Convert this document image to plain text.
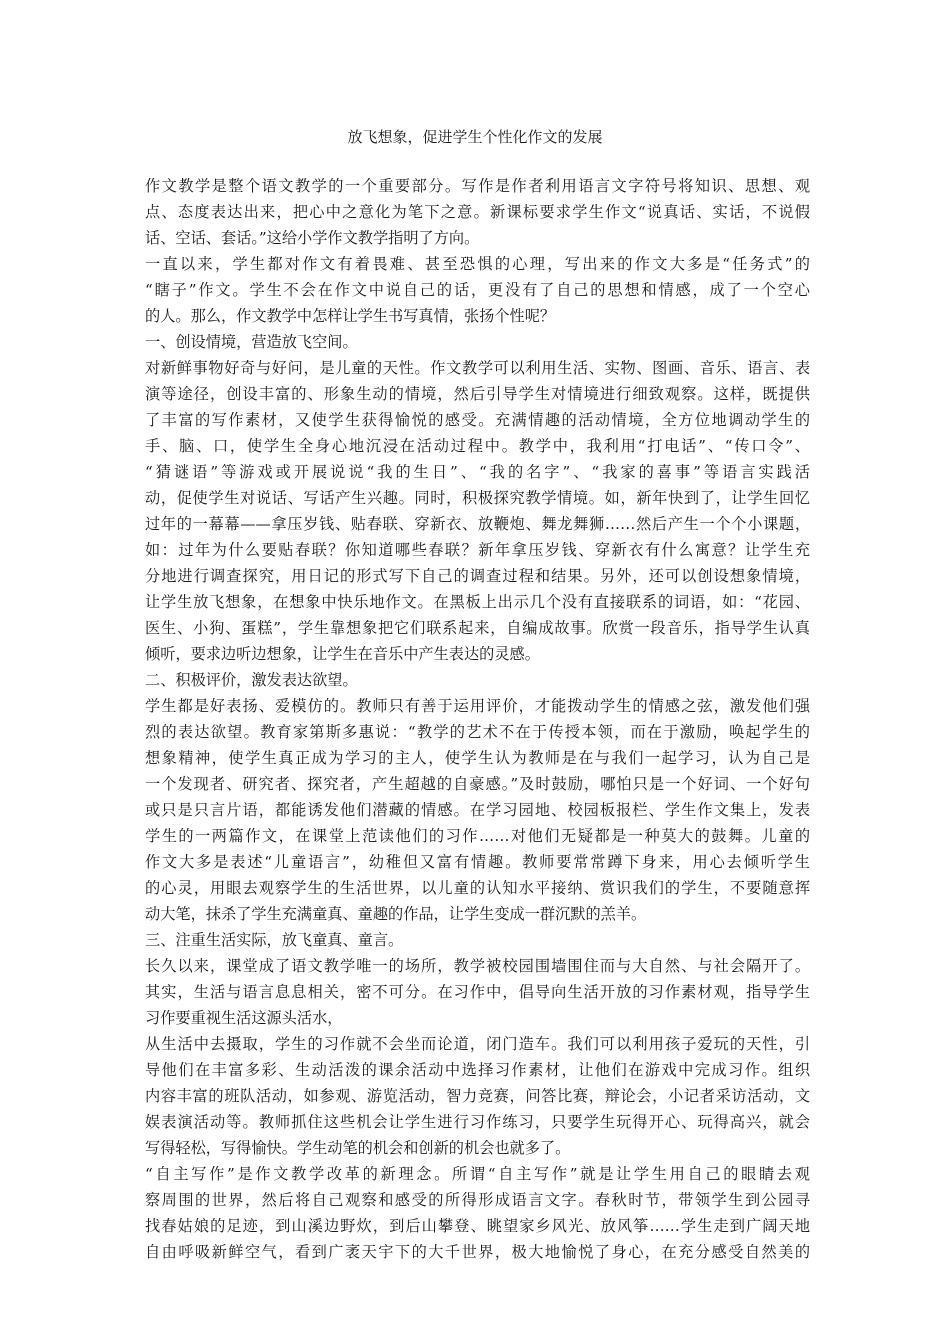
放飞想象，促进学生个性化作文的发展
作文教学是整个语文教学的一个重要部分。写作是作者利用语言文字符号将知识、思想、观
点、态度表达出来，把心中之意化为笔下之意。新课标要求学生作文“说真话、实话，不说假
话、空话、套话。”这给小学作文教学指明了方向。
一直以来，学生都对作文有着畏难、甚至恐惧的心理，写出来的作文大多是“任务式”的
“瞎子”作文。学生不会在作文中说自己的话，更没有了自己的思想和情感，成了一个空心
的人。那么，作文教学中怎样让学生书写真情，张扬个性呢？
一、创设情境，营造放飞空间。
对新鲜事物好奇与好问，是儿童的天性。作文教学可以利用生活、实物、图画、音乐、语言、表
演等途径，创设丰富的、形象生动的情境，然后引导学生对情境进行细致观察。这样，既提供
了丰富的写作素材，又使学生获得愉悦的感受。充满情趣的活动情境，全方位地调动学生的
手、脑、口，使学生全身心地沉浸在活动过程中。教学中，我利用“打电话”、“传口令”、
“猜谜语”等游戏或开展说说“我的生日”、“我的名字”、“我家的喜事”等语言实践活
动，促使学生对说话、写话产生兴趣。同时，积极探究教学情境。如，新年快到了，让学生回忆
过年的一幕幕——拿压岁钱、贴春联、穿新衣、放鞭炮、舞龙舞狮……然后产生一个个小课题，
如：过年为什么要贴春联？你知道哪些春联？新年拿压岁钱、穿新衣有什么寓意？让学生充
分地进行调查探究，用日记的形式写下自己的调查过程和结果。另外，还可以创设想象情境，
让学生放飞想象，在想象中快乐地作文。在黑板上出示几个没有直接联系的词语，如：“花园、
医生、小狗、蛋糕”，学生靠想象把它们联系起来，自编成故事。欣赏一段音乐，指导学生认真
倾听，要求边听边想象，让学生在音乐中产生表达的灵感。
二、积极评价，激发表达欲望。
学生都是好表扬、爱模仿的。教师只有善于运用评价，才能拨动学生的情感之弦，激发他们强
烈的表达欲望。教育家第斯多惠说：“教学的艺术不在于传授本领，而在于激励，唤起学生的
想象精神，使学生真正成为学习的主人，使学生认为教师是在与我们一起学习，认为自己是
一个发现者、研究者、探究者，产生超越的自豪感。”及时鼓励，哪怕只是一个好词、一个好句
或只是只言片语，都能诱发他们潜藏的情感。在学习园地、校园板报栏、学生作文集上，发表
学生的一两篇作文，在课堂上范读他们的习作……对他们无疑都是一种莫大的鼓舞。儿童的
作文大多是表述“儿童语言”，幼稚但又富有情趣。教师要常常蹲下身来，用心去倾听学生
的心灵，用眼去观察学生的生活世界，以儿童的认知水平接纳、赏识我们的学生，不要随意挥
动大笔，抹杀了学生充满童真、童趣的作品，让学生变成一群沉默的羔羊。
三、注重生活实际，放飞童真、童言。
长久以来，课堂成了语文教学唯一的场所，教学被校园围墙围住而与大自然、与社会隔开了。
其实，生活与语言息息相关，密不可分。在习作中，倡导向生活开放的习作素材观，指导学生
习作要重视生活这源头活水，
从生活中去摄取，学生的习作就不会坐而论道，闭门造车。我们可以利用孩子爱玩的天性，引
导他们在丰富多彩、生动活泼的课余活动中选择习作素材，让他们在游戏中完成习作。组织
内容丰富的班队活动，如参观、游览活动，智力竞赛，问答比赛，辩论会，小记者采访活动，文
娱表演活动等。教师抓住这些机会让学生进行习作练习，只要学生玩得开心、玩得高兴，就会
写得轻松，写得愉快。学生动笔的机会和创新的机会也就多了。
“自主写作”是作文教学改革的新理念。所谓“自主写作”就是让学生用自己的眼睛去观
察周围的世界，然后将自己观察和感受的所得形成语言文字。春秋时节，带领学生到公园寻
找春姑娘的足迹，到山溪边野炊，到后山攀登、眺望家乡风光、放风筝……学生走到广阔天地
自由呼吸新鲜空气，看到广袤天宇下的大千世界，极大地愉悦了身心，在充分感受自然美的
